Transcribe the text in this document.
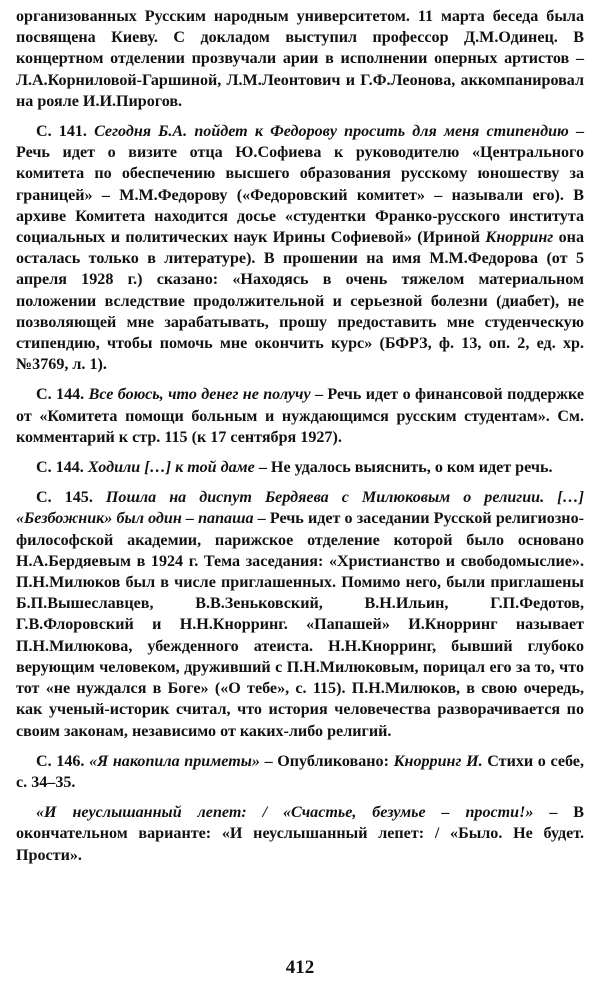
организованных Русским народным университетом. 11 марта беседа была посвящена Киеву. С докладом выступил профессор Д.М.Одинец. В концертном отделении прозвучали арии в исполнении оперных артистов – Л.А.Корниловой-Гаршиной, Л.М.Леонтович и Г.Ф.Леонова, аккомпанировал на рояле И.И.Пирогов.

С. 141. Сегодня Б.А. пойдет к Федорову просить для меня стипендию – Речь идет о визите отца Ю.Софиева к руководителю «Центрального комитета по обеспечению высшего образования русскому юношеству за границей» – М.М.Федорову («Федоровский комитет» – называли его). В архиве Комитета находится досье «студентки Франко-русского института социальных и политических наук Ирины Софиевой» (Ириной Кнорринг она осталась только в литературе). В прошении на имя М.М.Федорова (от 5 апреля 1928 г.) сказано: «Находясь в очень тяжелом материальном положении вследствие продолжительной и серьезной болезни (диабет), не позволяющей мне зарабатывать, прошу предоставить мне студенческую стипендию, чтобы помочь мне окончить курс» (БФРЗ, ф. 13, оп. 2, ед. хр. №3769, л. 1).

С. 144. Все боюсь, что денег не получу – Речь идет о финансовой поддержке от «Комитета помощи больным и нуждающимся русским студентам». См. комментарий к стр. 115 (к 17 сентября 1927).

С. 144. Ходили […] к той даме – Не удалось выяснить, о ком идет речь.

С. 145. Пошла на диспут Бердяева с Милюковым о религии. […] «Безбожник» был один – папаша – Речь идет о заседании Русской религиозно-философской академии, парижское отделение которой было основано Н.А.Бердяевым в 1924 г. Тема заседания: «Христианство и свободомыслие». П.Н.Милюков был в числе приглашенных. Помимо него, были приглашены Б.П.Вышеславцев, В.В.Зеньковский, В.Н.Ильин, Г.П.Федотов, Г.В.Флоровский и Н.Н.Кнорринг. «Папашей» И.Кнорринг называет П.Н.Милюкова, убежденного атеиста. Н.Н.Кнорринг, бывший глубоко верующим человеком, друживший с П.Н.Милюковым, порицал его за то, что тот «не нуждался в Боге» («О тебе», с. 115). П.Н.Милюков, в свою очередь, как ученый-историк считал, что история человечества разворачивается по своим законам, независимо от каких-либо религий.

С. 146. «Я накопила приметы» – Опубликовано: Кнорринг И. Стихи о себе, с. 34–35.

«И неуслышанный лепет: / «Счастье, безумье – прости!» – В окончательном варианте: «И неуслышанный лепет: / «Было. Не будет. Прости».

412
